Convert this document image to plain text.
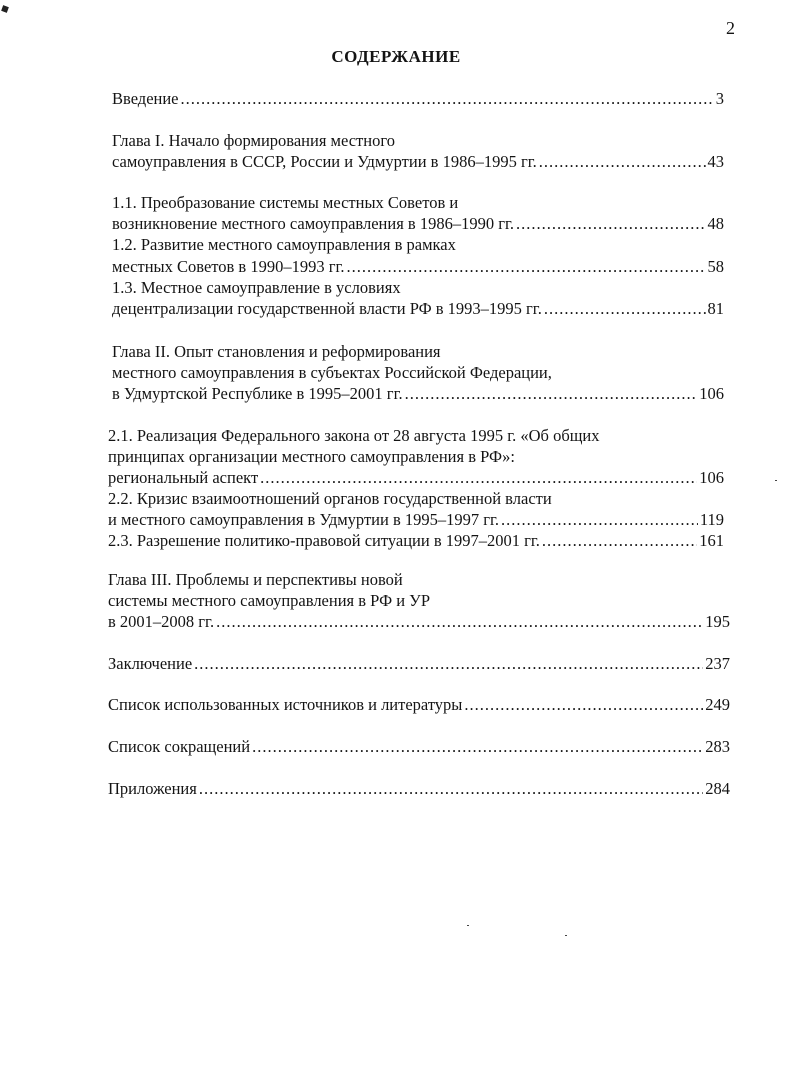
2
СОДЕРЖАНИЕ
Введение .....	3
Глава I. Начало формирования местного
самоуправления в СССР, России и Удмуртии в 1986–1995 гг. .....	43
1.1. Преобразование системы местных Советов и
возникновение местного самоуправления в 1986–1990 гг. .....	48
1.2. Развитие местного самоуправления в рамках
местных Советов в 1990–1993 гг. .....	58
1.3. Местное самоуправление в условиях
децентрализации государственной власти РФ в 1993–1995 гг. .....	81
Глава II. Опыт становления и реформирования
местного самоуправления в субъектах Российской Федерации,
в Удмуртской Республике в 1995–2001 гг. .....	106
2.1. Реализация Федерального закона от 28 августа 1995 г. «Об общих
принципах организации местного самоуправления в РФ»:
региональный аспект .....	106
2.2. Кризис взаимоотношений органов государственной власти
и местного самоуправления в Удмуртии в 1995–1997 гг. .....	119
2.3. Разрешение политико-правовой ситуации в 1997–2001 гг. .....	161
Глава III. Проблемы и перспективы новой
системы местного самоуправления в РФ и УР
в 2001–2008 гг. .....	195
Заключение .....	237
Список использованных источников и литературы .....	249
Список сокращений .....	283
Приложения .....	284
